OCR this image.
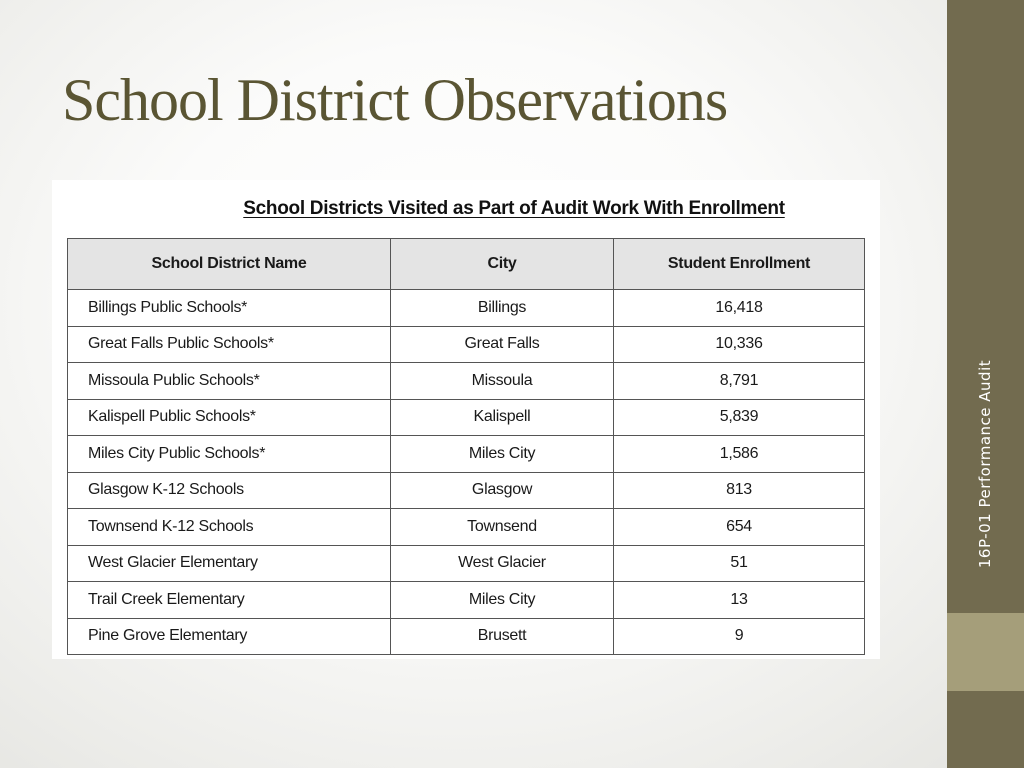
School District Observations
16P-01 Performance Audit
School Districts Visited as Part of Audit Work With Enrollment
School District Name	City	Student Enrollment
Billings Public Schools*	Billings	16,418
Great Falls Public Schools*	Great Falls	10,336
Missoula Public Schools*	Missoula	8,791
Kalispell Public Schools*	Kalispell	5,839
Miles City Public Schools*	Miles City	1,586
Glasgow K-12 Schools	Glasgow	813
Townsend K-12 Schools	Townsend	654
West Glacier Elementary	West Glacier	51
Trail Creek Elementary	Miles City	13
Pine Grove Elementary	Brusett	9
